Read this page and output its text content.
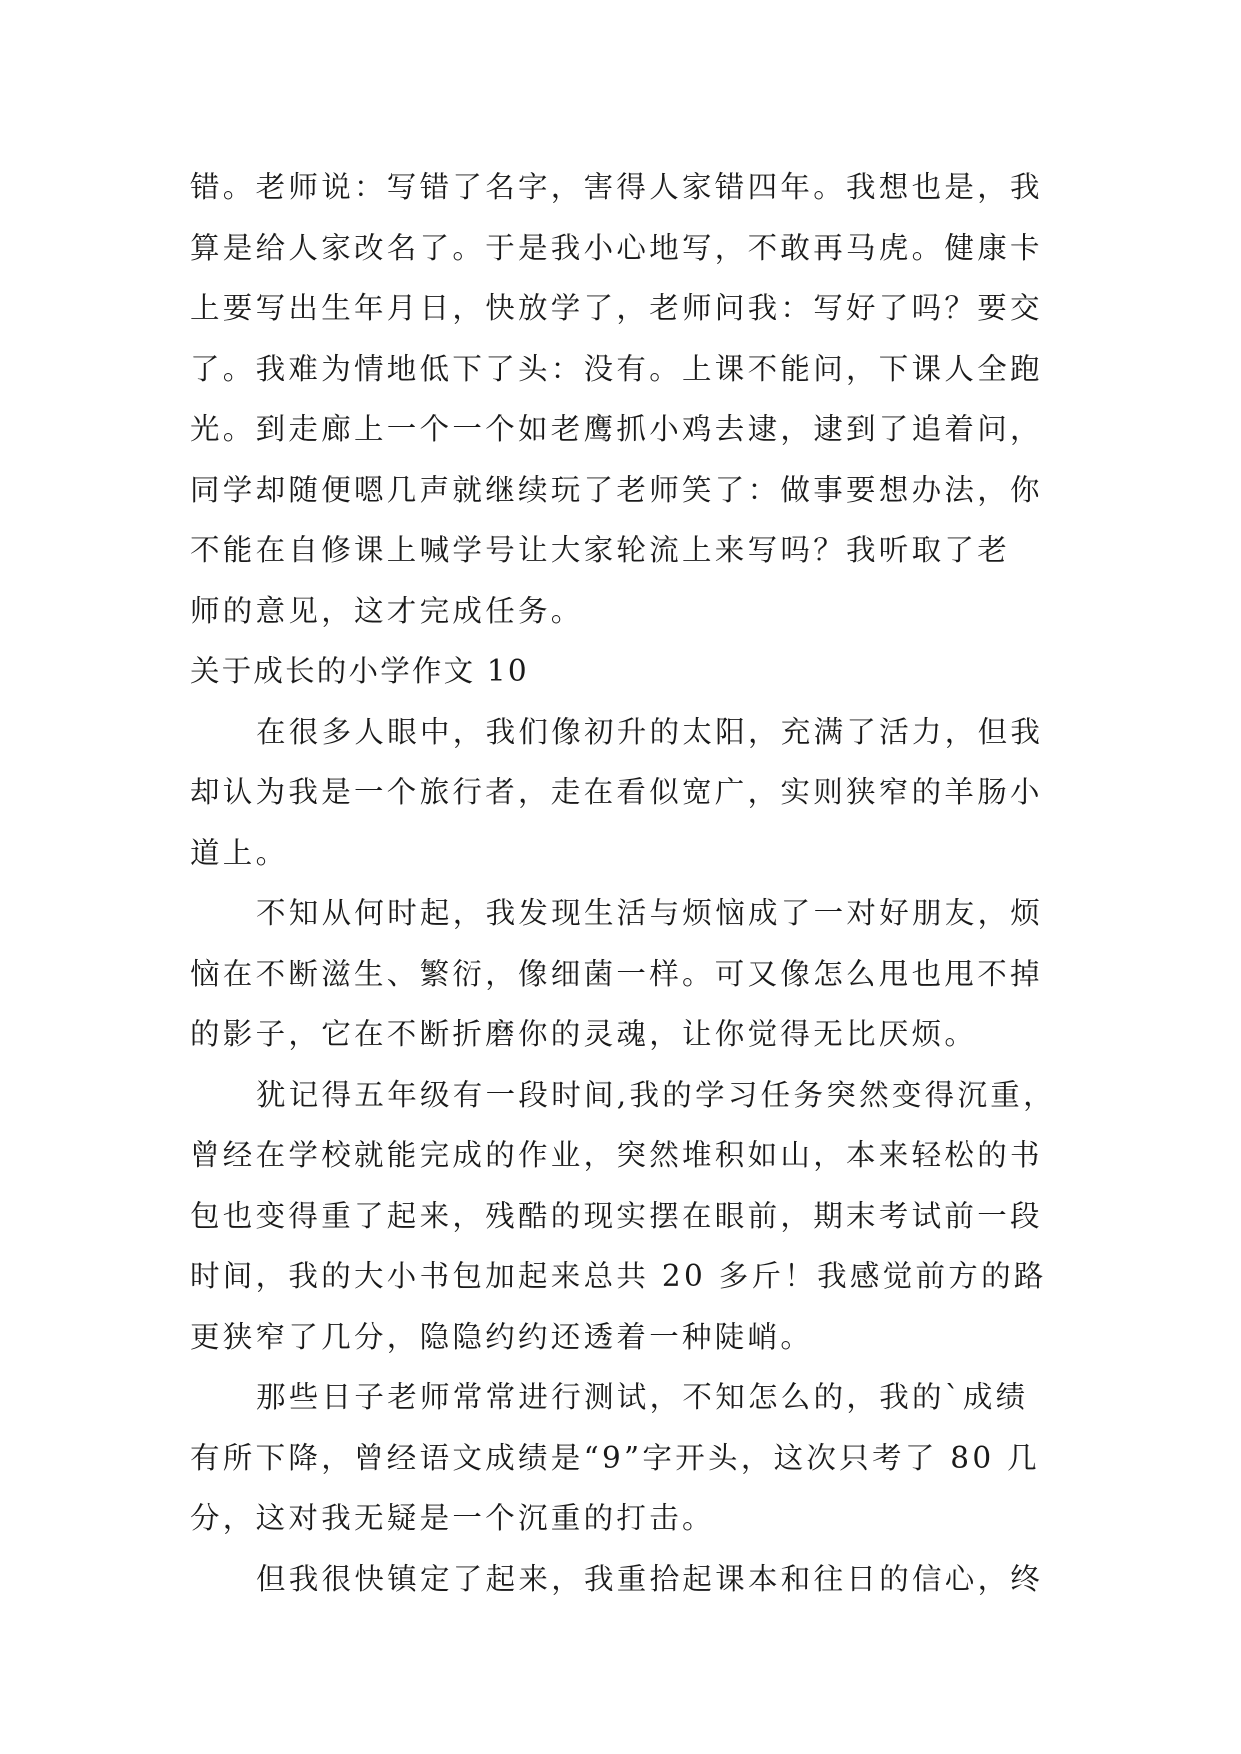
错。老师说：写错了名字，害得人家错四年。我想也是，我
算是给人家改名了。于是我小心地写，不敢再马虎。健康卡
上要写出生年月日，快放学了，老师问我：写好了吗？要交
了。我难为情地低下了头：没有。上课不能问，下课人全跑
光。到走廊上一个一个如老鹰抓小鸡去逮，逮到了追着问，
同学却随便嗯几声就继续玩了老师笑了：做事要想办法，你
不能在自修课上喊学号让大家轮流上来写吗？我听取了老
师的意见，这才完成任务。
关于成长的小学作文 10
在很多人眼中，我们像初升的太阳，充满了活力，但我
却认为我是一个旅行者，走在看似宽广，实则狭窄的羊肠小
道上。
不知从何时起，我发现生活与烦恼成了一对好朋友，烦
恼在不断滋生、繁衍，像细菌一样。可又像怎么甩也甩不掉
的影子，它在不断折磨你的灵魂，让你觉得无比厌烦。
犹记得五年级有一段时间,我的学习任务突然变得沉重，
曾经在学校就能完成的作业，突然堆积如山，本来轻松的书
包也变得重了起来，残酷的现实摆在眼前，期末考试前一段
时间，我的大小书包加起来总共 20 多斤！我感觉前方的路
更狭窄了几分，隐隐约约还透着一种陡峭。
那些日子老师常常进行测试，不知怎么的，我的`成绩
有所下降，曾经语文成绩是“9”字开头，这次只考了 80 几
分，这对我无疑是一个沉重的打击。
但我很快镇定了起来，我重拾起课本和往日的信心，终
